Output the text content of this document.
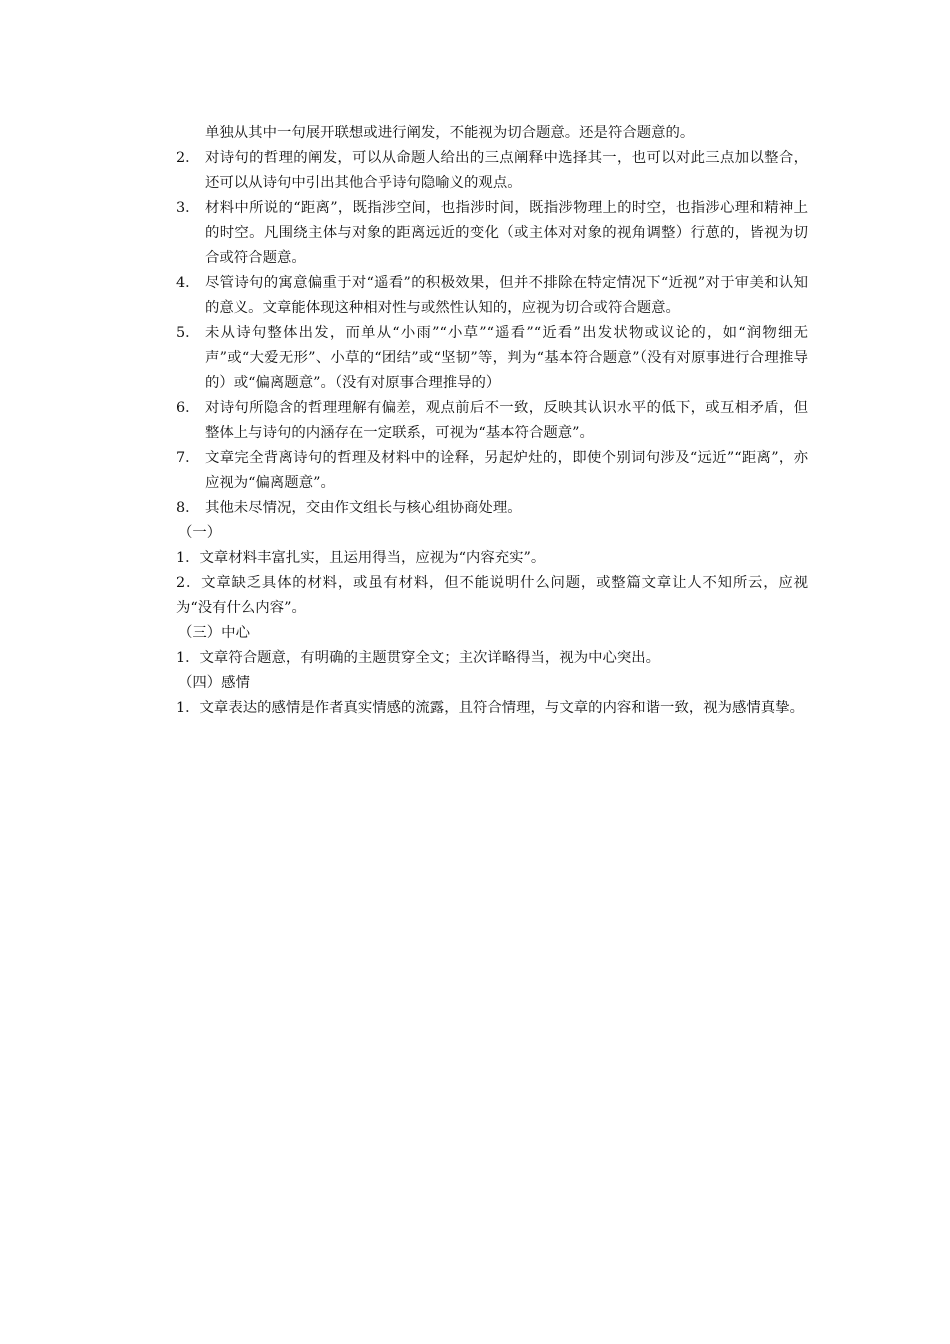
单独从其中一句展开联想或进行阐发，不能视为切合题意。还是符合题意的。
2． 对诗句的哲理的阐发，可以从命题人给出的三点阐释中选择其一，也可以对此三点加以整合，还可以从诗句中引出其他合乎诗句隐喻义的观点。
3． 材料中所说的“距离”，既指涉空间，也指涉时间，既指涉物理上的时空，也指涉心理和精神上的时空。凡围绕主体与对象的距离远近的变化（或主体对对象的视角调整）行葸的，皆视为切合或符合题意。
4． 尽管诗句的寓意偏重于对“遥看”的积极效果，但并不排除在特定情况下“近视”对于审美和认知的意义。文章能体现这种相对性与或然性认知的，应视为切合或符合题意。
5． 未从诗句整体出发，而单从“小雨”“小草”“遥看”“近看”出发状物或议论的，如“润物细无声”或“大爱无形”、小草的“团结”或“坚韧”等，判为“基本符合题意”（没有对原事进行合理推导的）或“偏离题意”。（没有对原事合理推导的）
6． 对诗句所隐含的哲理理解有偏差，观点前后不一致，反映其认识水平的低下，或互相矛盾，但整体上与诗句的内涵存在一定联系，可视为“基本符合题意”。
7． 文章完全背离诗句的哲理及材料中的诠释，另起炉灶的，即使个别词句涉及“远近”“距离”，亦应视为“偏离题意”。
8． 其他未尽情况，交由作文组长与核心组协商处理。
（一）
1．文章材料丰富扎实，且运用得当，应视为“内容充实”。
2．文章缺乏具体的材料，或虽有材料，但不能说明什么问题，或整篇文章让人不知所云，应视为“没有什么内容”。
（三）中心
1．文章符合题意，有明确的主题贯穿全文；主次详略得当，视为中心突出。
（四）感情
1．文章表达的感情是作者真实情感的流露，且符合情理，与文章的内容和谐一致，视为感情真挚。
